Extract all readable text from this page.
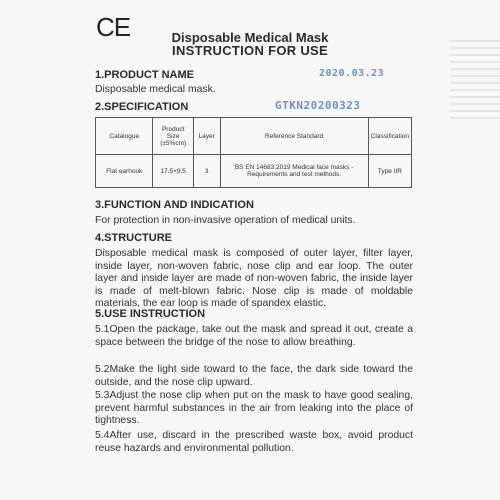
CE	Disposable Medical Mask
INSTRUCTION FOR USE
1.PRODUCT NAME	2020.03.23
Disposable medical mask.
2.SPECIFICATION	GTKN20200323
Catalogue	Product Size (±5%cm)	Layer	Reference Standard	Classification
Flat earhook	17.5×9.5	3	BS EN 14683:2019 Medical face masks - Requirements and test methods.	Type IIR
3.FUNCTION AND INDICATION
For protection in non-invasive operation of medical units.
4.STRUCTURE
Disposable medical mask is composed of outer layer, filter layer, inside layer, non-woven fabric, nose clip and ear loop. The outer layer and inside layer are made of non-woven fabric, the inside layer is made of melt-blown fabric. Nose clip is made of moldable materials, the ear loop is made of spandex elastic.
5.USE INSTRUCTION
5.1Open the package, take out the mask and spread it out, create a space between the bridge of the nose to allow breathing.
5.2Make the light side toward to the face, the dark side toward the outside, and the nose clip upward.
5.3Adjust the nose clip when put on the mask to have good sealing, prevent harmful substances in the air from leaking into the place of tightness.
5.4After use, discard in the prescribed waste box, avoid product reuse hazards and environmental pollution.
